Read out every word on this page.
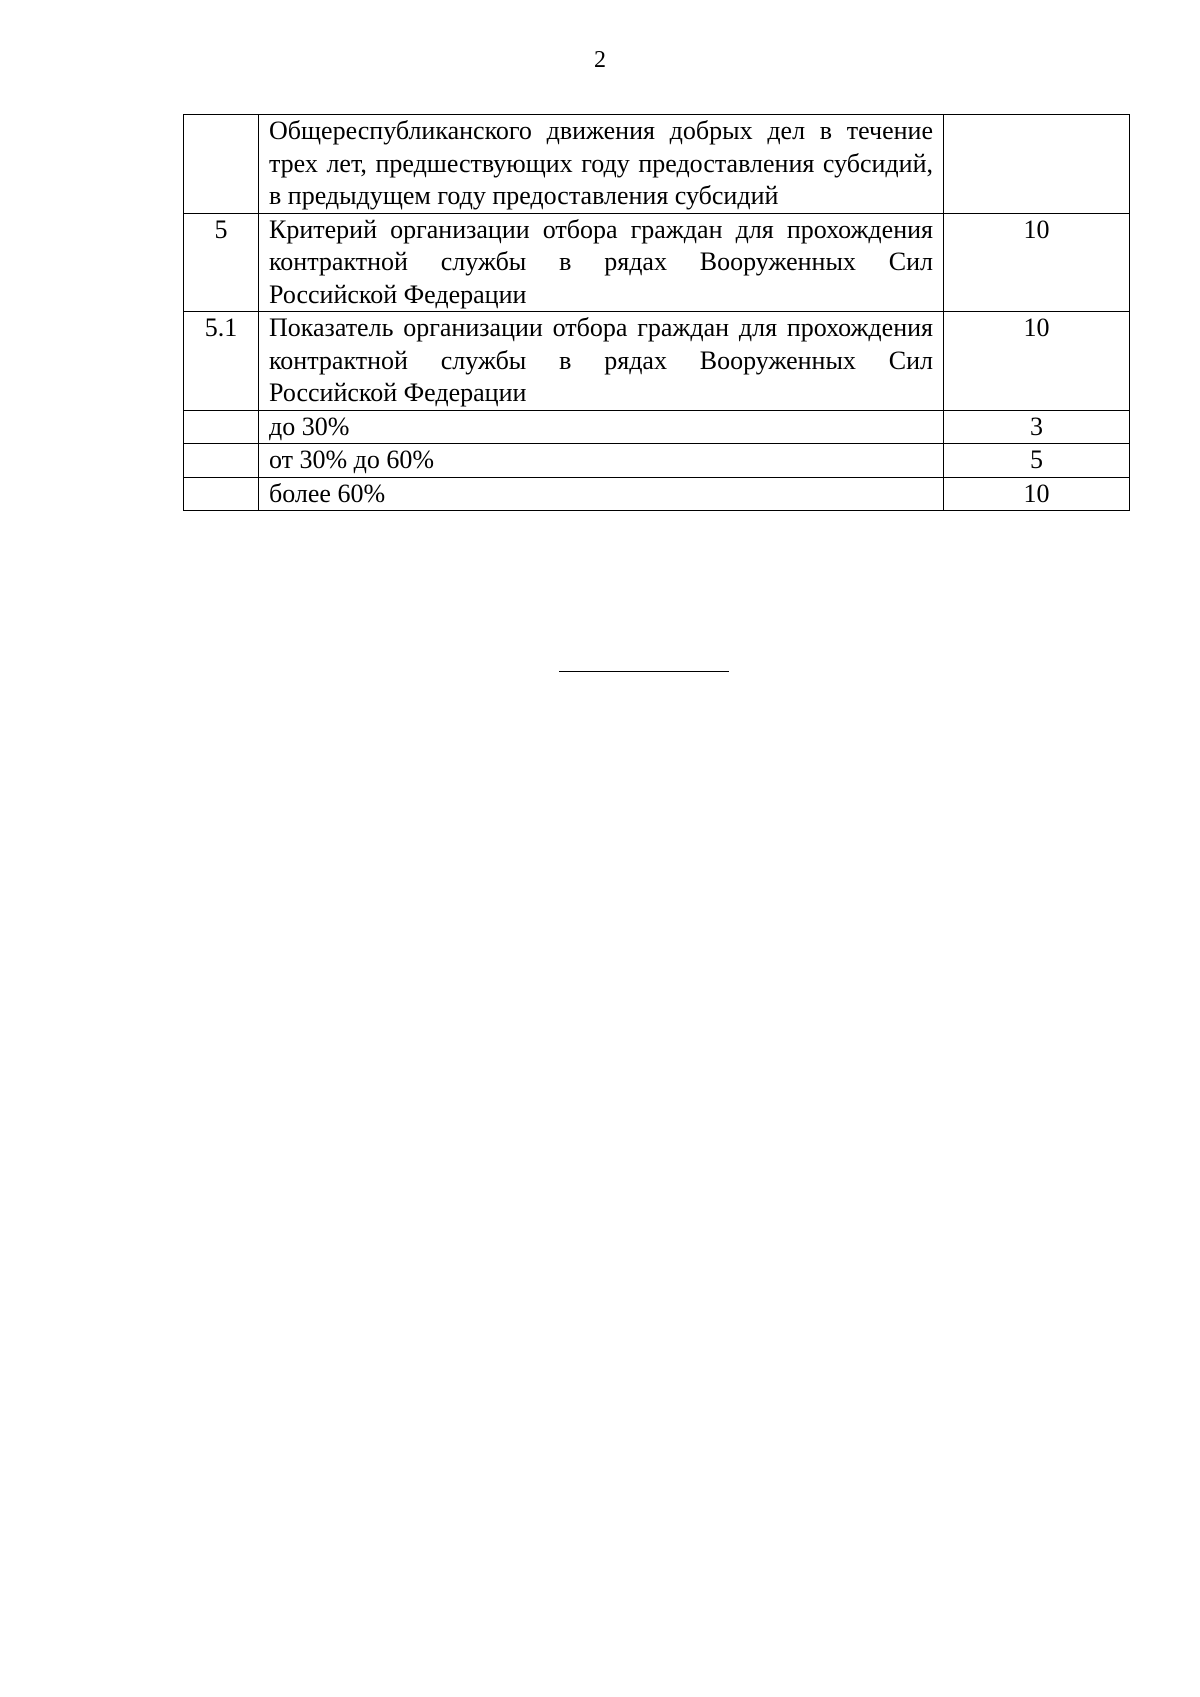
2
	Общереспубликанского движения добрых дел в течение трех лет, предшествующих году предоставления субсидий, в предыдущем году предоставления субсидий	
5	Критерий организации отбора граждан для прохождения контрактной службы в рядах Вооруженных Сил Российской Федерации	10
5.1	Показатель организации отбора граждан для прохождения контрактной службы в рядах Вооруженных Сил Российской Федерации	10
	до 30%	3
	от 30% до 60%	5
	более 60%	10
